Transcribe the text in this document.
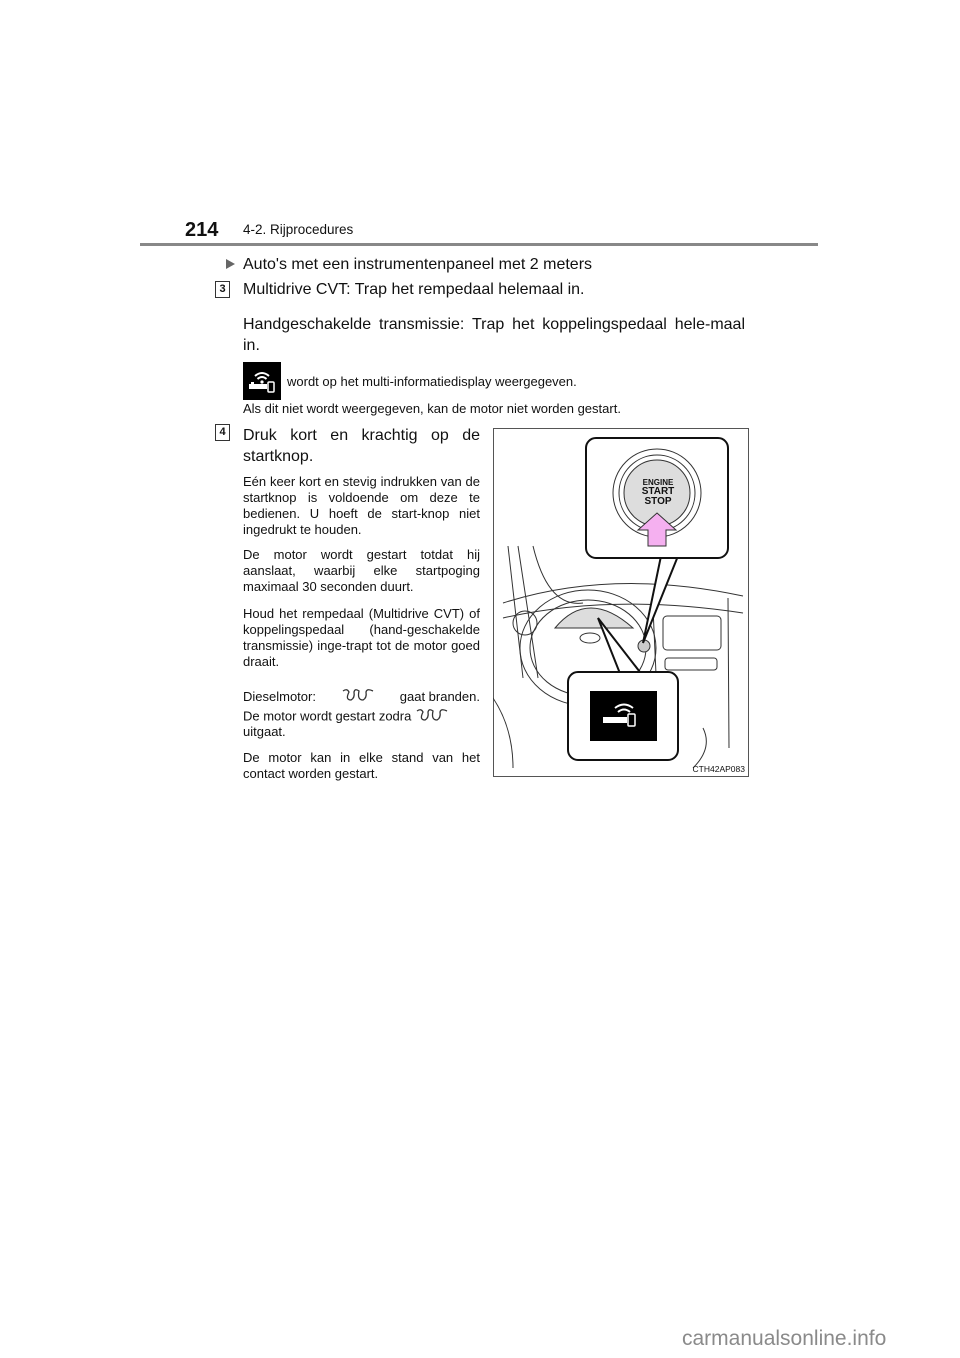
214 4-2. Rijprocedures
Auto's met een instrumentenpaneel met 2 meters
3 Multidrive CVT: Trap het rempedaal helemaal in.
Handgeschakelde transmissie: Trap het koppelingspedaal hele-maal in.
wordt op het multi-informatiedisplay weergegeven.
Als dit niet wordt weergegeven, kan de motor niet worden gestart.
4 Druk kort en krachtig op de startknop.
Eén keer kort en stevig indrukken van de startknop is voldoende om deze te bedienen. U hoeft de start-knop niet ingedrukt te houden.
De motor wordt gestart totdat hij aanslaat, waarbij elke startpoging maximaal 30 seconden duurt.
Houd het rempedaal (Multidrive CVT) of koppelingspedaal (hand-geschakelde transmissie) inge-trapt tot de motor goed draait.
Dieselmotor:	gaat branden.
De motor wordt gestart zodra
uitgaat.
De motor kan in elke stand van het contact worden gestart.
ENGINE
START
STOP
CTH42AP083
carmanualsonline.info
